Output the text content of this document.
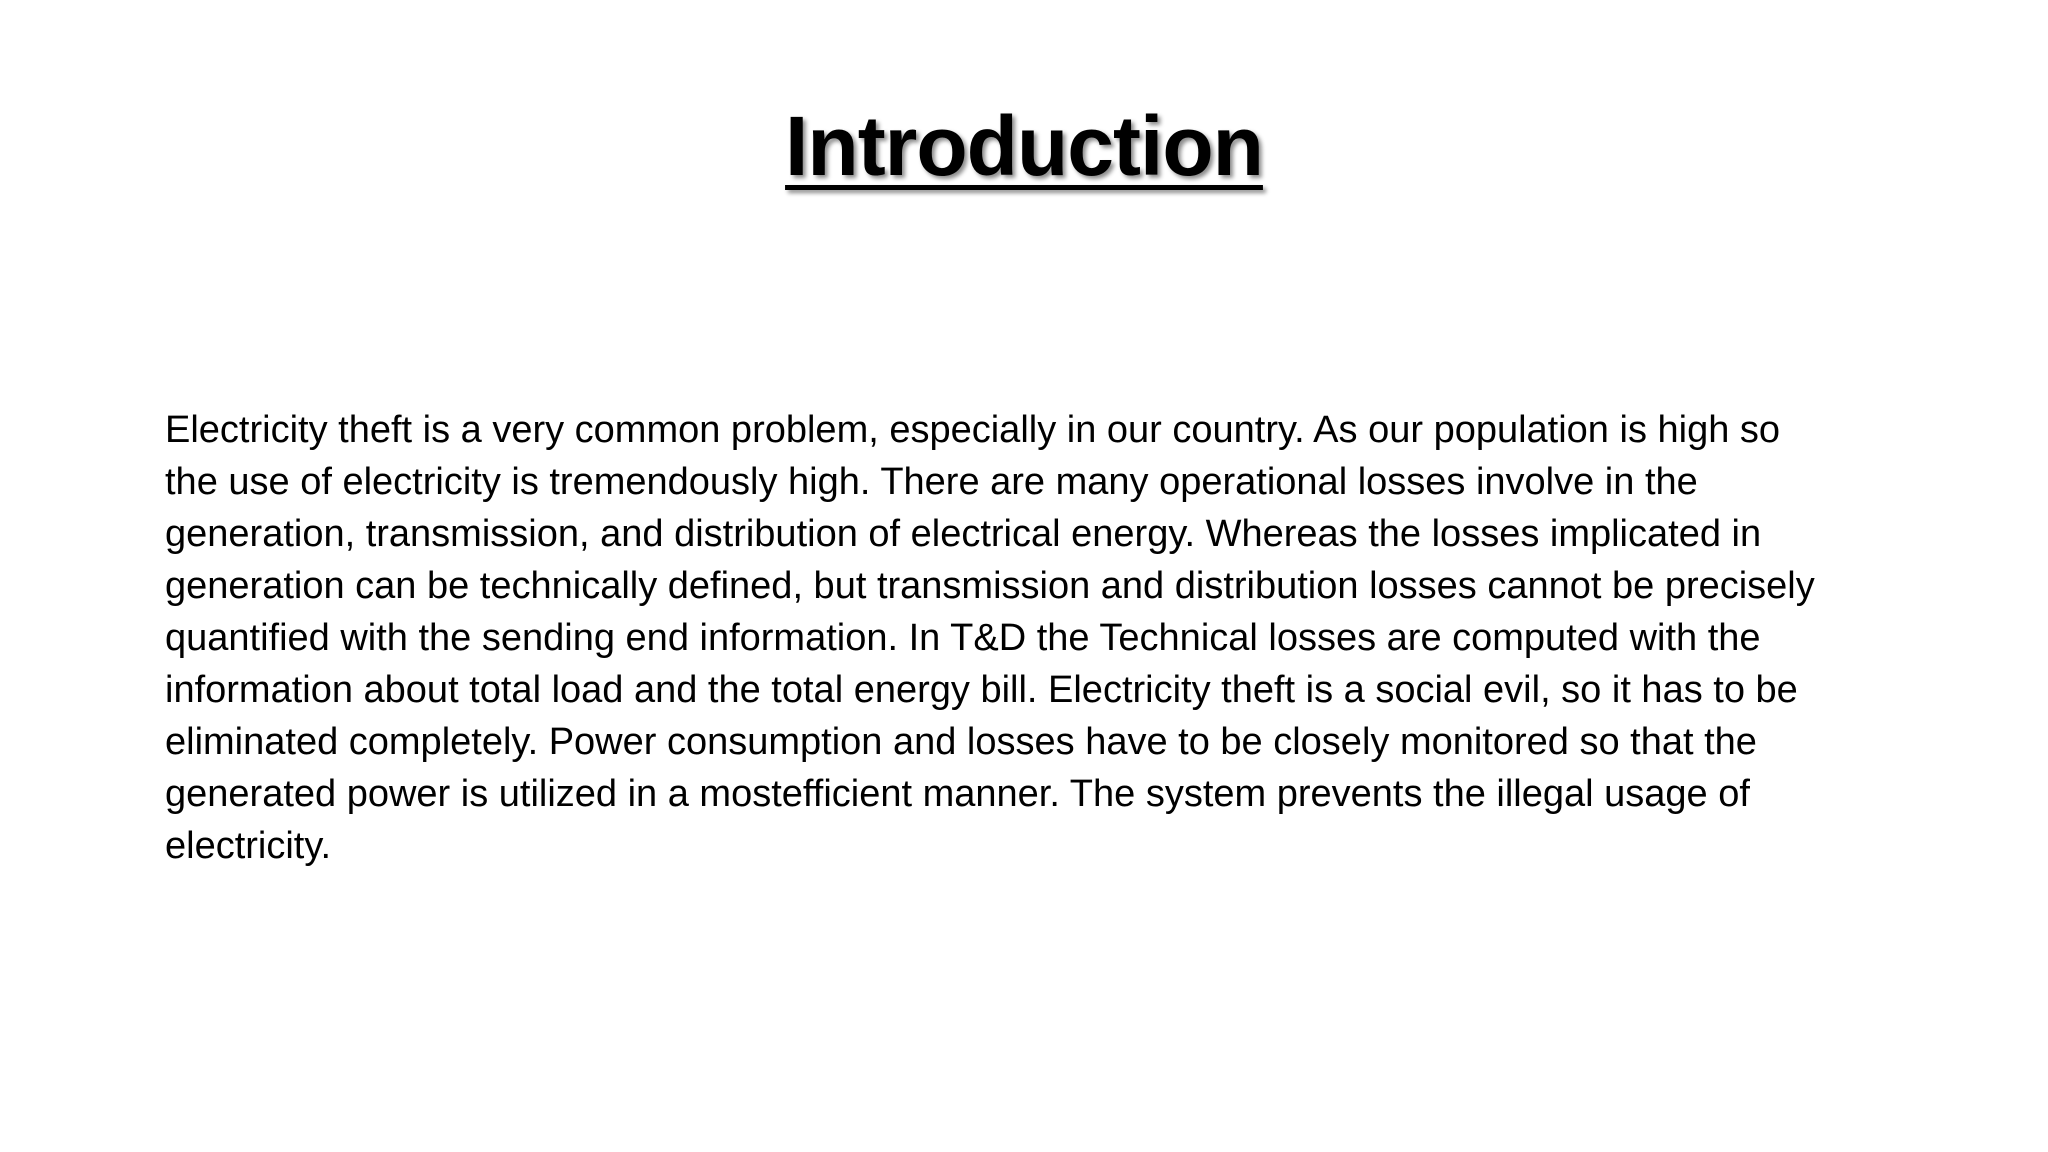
Introduction

Electricity theft is a very common problem, especially in our country. As our population is high so
the use of electricity is tremendously high. There are many operational losses involve in the
generation, transmission, and distribution of electrical energy. Whereas the losses implicated in
generation can be technically defined, but transmission and distribution losses cannot be precisely
quantified with the sending end information. In T&D the Technical losses are computed with the
information about total load and the total energy bill. Electricity theft is a social evil, so it has to be
eliminated completely. Power consumption and losses have to be closely monitored so that the
generated power is utilized in a mostefficient manner. The system prevents the illegal usage of
electricity.
